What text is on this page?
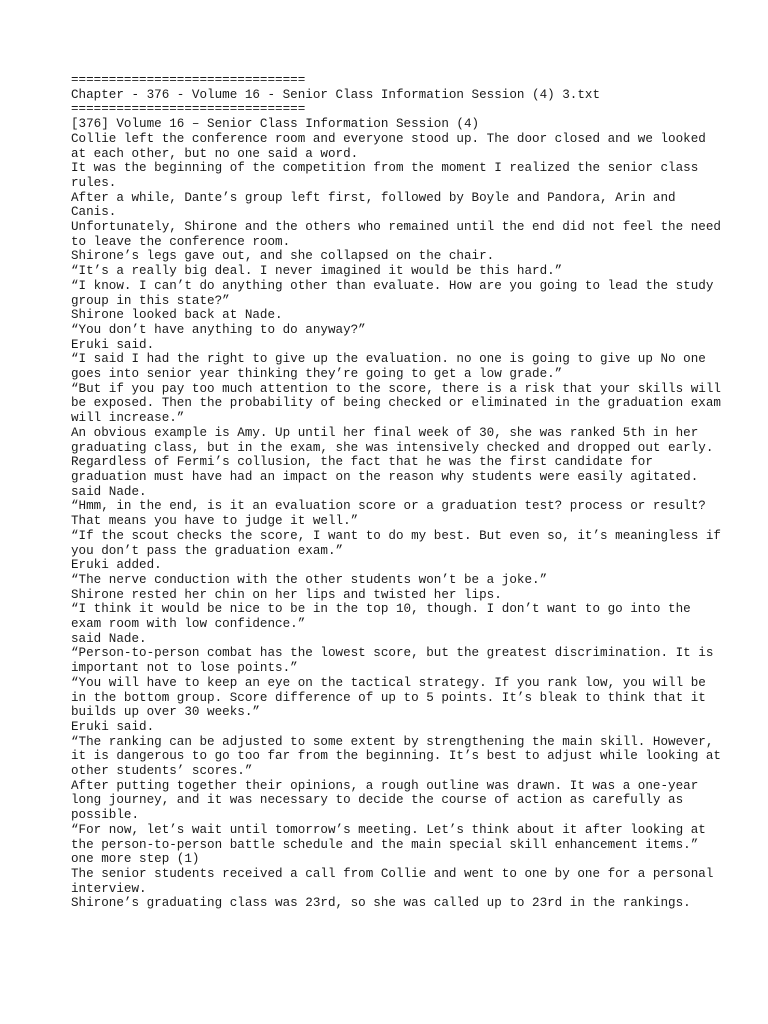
===============================

Chapter - 376 - Volume 16 - Senior Class Information Session (4) 3.txt

===============================

[376] Volume 16 – Senior Class Information Session (4)

Collie left the conference room and everyone stood up. The door closed and we looked at each other, but no one said a word.

It was the beginning of the competition from the moment I realized the senior class rules.

After a while, Dante’s group left first, followed by Boyle and Pandora, Arin and Canis.

Unfortunately, Shirone and the others who remained until the end did not feel the need to leave the conference room.

Shirone’s legs gave out, and she collapsed on the chair.

“It’s a really big deal. I never imagined it would be this hard.”

“I know. I can’t do anything other than evaluate. How are you going to lead the study group in this state?”

Shirone looked back at Nade.

“You don’t have anything to do anyway?”

Eruki said.

“I said I had the right to give up the evaluation. no one is going to give up No one goes into senior year thinking they’re going to get a low grade.”

“But if you pay too much attention to the score, there is a risk that your skills will be exposed. Then the probability of being checked or eliminated in the graduation exam will increase.”

An obvious example is Amy. Up until her final week of 30, she was ranked 5th in her graduating class, but in the exam, she was intensively checked and dropped out early.

Regardless of Fermi’s collusion, the fact that he was the first candidate for graduation must have had an impact on the reason why students were easily agitated.

said Nade.

“Hmm, in the end, is it an evaluation score or a graduation test? process or result? That means you have to judge it well.”

“If the scout checks the score, I want to do my best. But even so, it’s meaningless if you don’t pass the graduation exam.”

Eruki added.

“The nerve conduction with the other students won’t be a joke.”

Shirone rested her chin on her lips and twisted her lips.

“I think it would be nice to be in the top 10, though. I don’t want to go into the exam room with low confidence.”

said Nade.

“Person-to-person combat has the lowest score, but the greatest discrimination. It is important not to lose points.”

“You will have to keep an eye on the tactical strategy. If you rank low, you will be in the bottom group. Score difference of up to 5 points. It’s bleak to think that it builds up over 30 weeks.”

Eruki said.

“The ranking can be adjusted to some extent by strengthening the main skill. However, it is dangerous to go too far from the beginning. It’s best to adjust while looking at other students’ scores.”

After putting together their opinions, a rough outline was drawn. It was a one-year long journey, and it was necessary to decide the course of action as carefully as possible.

“For now, let’s wait until tomorrow’s meeting. Let’s think about it after looking at the person-to-person battle schedule and the main special skill enhancement items.”

one more step (1)

The senior students received a call from Collie and went to one by one for a personal interview.

Shirone’s graduating class was 23rd, so she was called up to 23rd in the rankings.
